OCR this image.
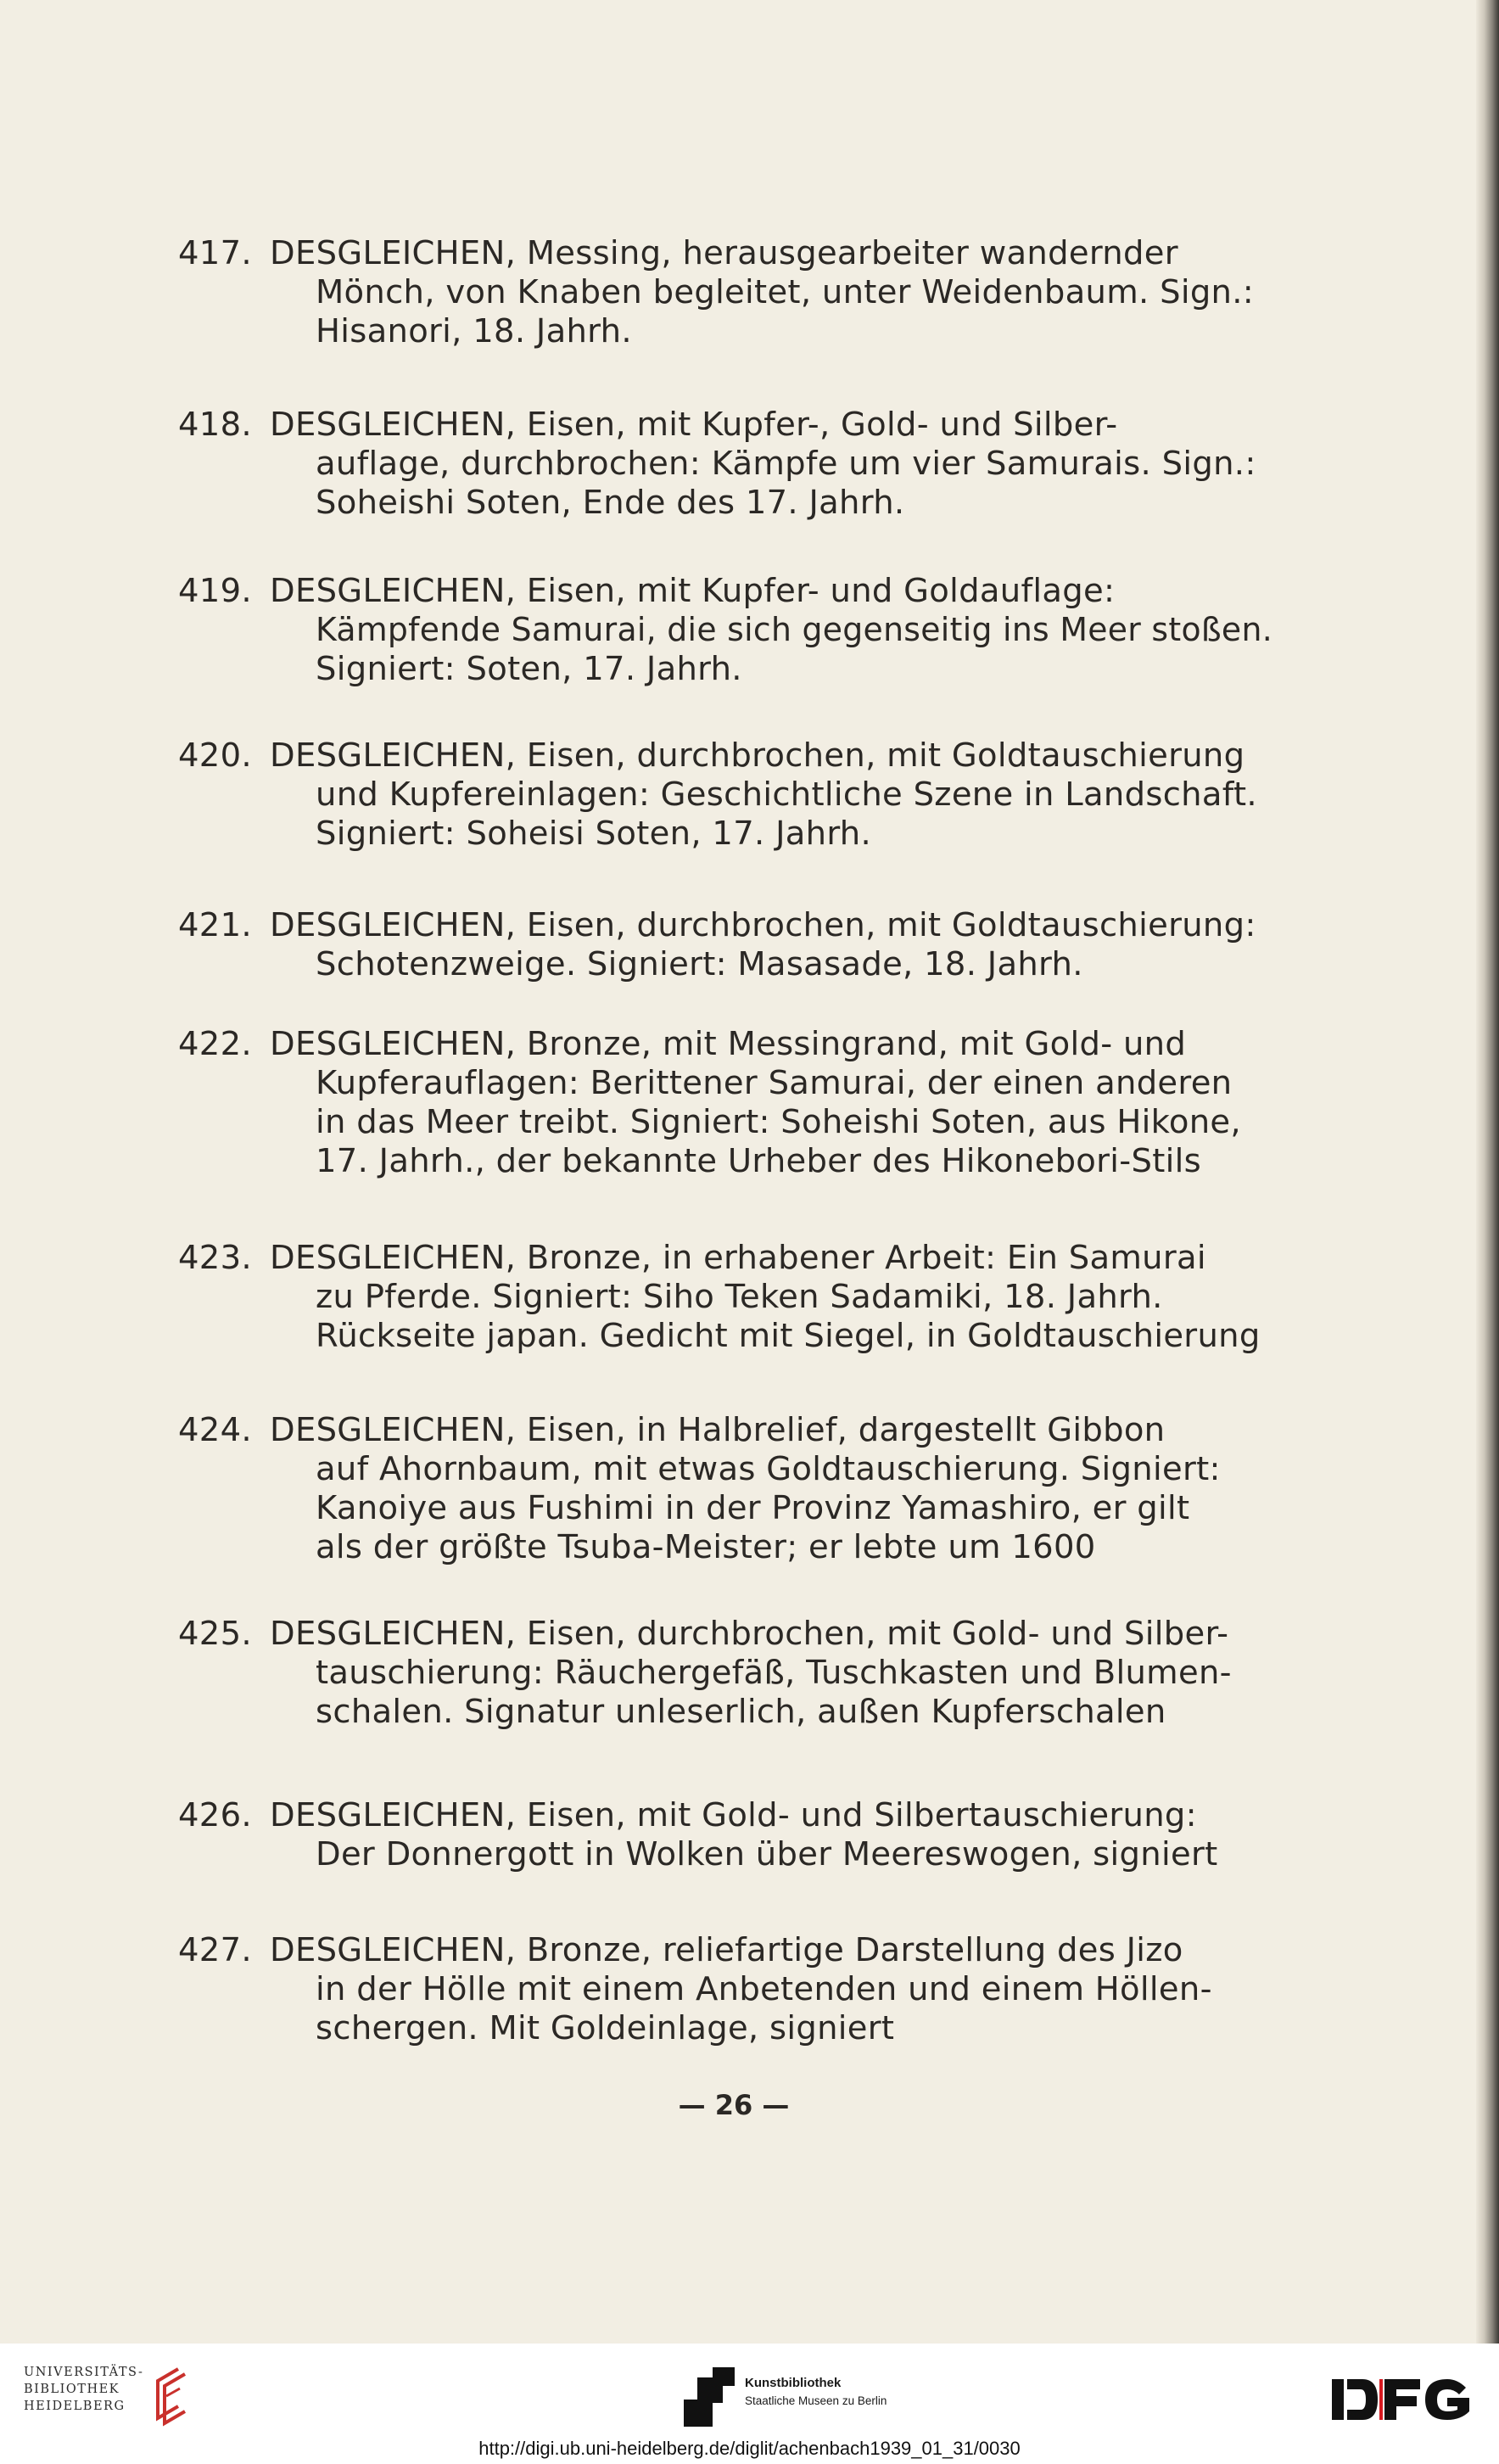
417. DESGLEICHEN, Messing, herausgearbeiter wandernder
Mönch, von Knaben begleitet, unter Weidenbaum. Sign.:
Hisanori, 18. Jahrh.
418. DESGLEICHEN, Eisen, mit Kupfer-, Gold- und Silber-
auflage, durchbrochen: Kämpfe um vier Samurais. Sign.:
Soheishi Soten, Ende des 17. Jahrh.
419. DESGLEICHEN, Eisen, mit Kupfer- und Goldauflage:
Kämpfende Samurai, die sich gegenseitig ins Meer stoßen.
Signiert: Soten, 17. Jahrh.
420. DESGLEICHEN, Eisen, durchbrochen, mit Goldtauschierung
und Kupfereinlagen: Geschichtliche Szene in Landschaft.
Signiert: Soheisi Soten, 17. Jahrh.
421. DESGLEICHEN, Eisen, durchbrochen, mit Goldtauschierung:
Schotenzweige. Signiert: Masasade, 18. Jahrh.
422. DESGLEICHEN, Bronze, mit Messingrand, mit Gold- und
Kupferauflagen: Berittener Samurai, der einen anderen
in das Meer treibt. Signiert: Soheishi Soten, aus Hikone,
17. Jahrh., der bekannte Urheber des Hikonebori-Stils
423. DESGLEICHEN, Bronze, in erhabener Arbeit: Ein Samurai
zu Pferde. Signiert: Siho Teken Sadamiki, 18. Jahrh.
Rückseite japan. Gedicht mit Siegel, in Goldtauschierung
424. DESGLEICHEN, Eisen, in Halbrelief, dargestellt Gibbon
auf Ahornbaum, mit etwas Goldtauschierung. Signiert:
Kanoiye aus Fushimi in der Provinz Yamashiro, er gilt
als der größte Tsuba-Meister; er lebte um 1600
425. DESGLEICHEN, Eisen, durchbrochen, mit Gold- und Silber-
tauschierung: Räuchergefäß, Tuschkasten und Blumen-
schalen. Signatur unleserlich, außen Kupferschalen
426. DESGLEICHEN, Eisen, mit Gold- und Silbertauschierung:
Der Donnergott in Wolken über Meereswogen, signiert
427. DESGLEICHEN, Bronze, reliefartige Darstellung des Jizo
in der Hölle mit einem Anbetenden und einem Höllen-
schergen. Mit Goldeinlage, signiert
— 26 —
UNIVERSITÄTS-
BIBLIOTHEK
HEIDELBERG
Kunstbibliothek
Staatliche Museen zu Berlin
http://digi.ub.uni-heidelberg.de/diglit/achenbach1939_01_31/0030
